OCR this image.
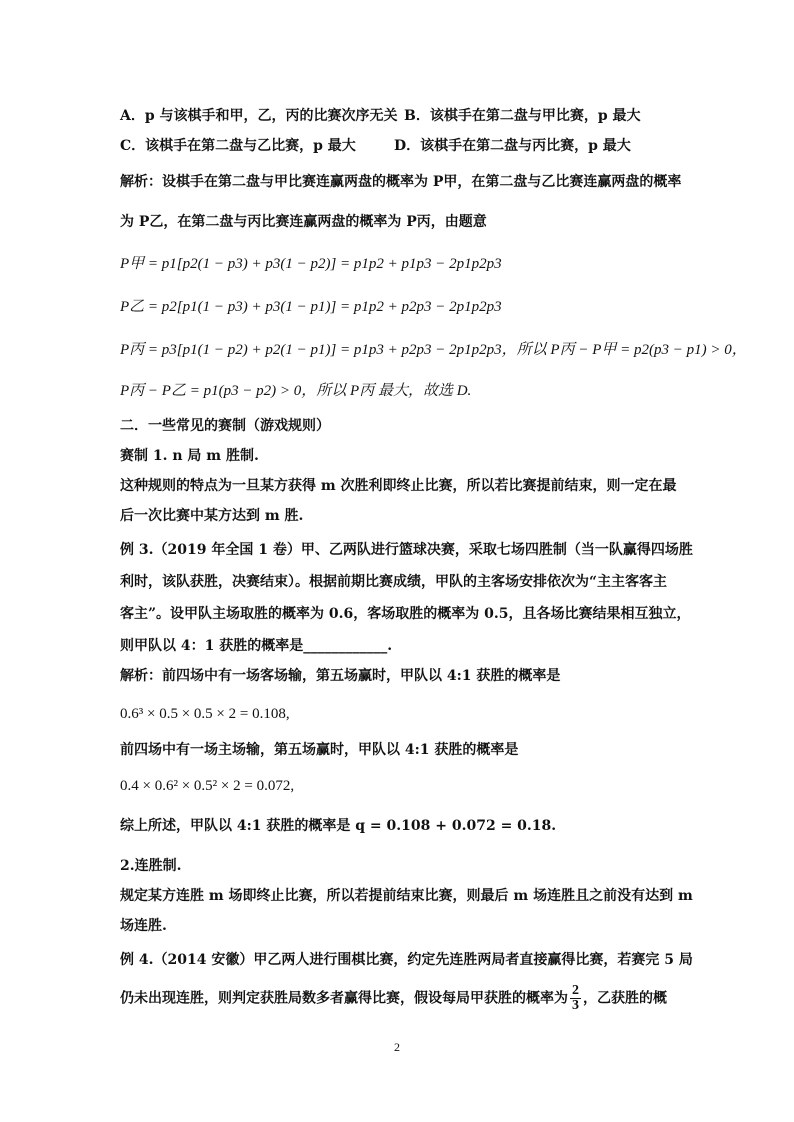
A．p 与该棋手和甲，乙，丙的比赛次序无关 B．该棋手在第二盘与甲比赛，p 最大
C．该棋手在第二盘与乙比赛，p 最大	D．该棋手在第二盘与丙比赛，p 最大
解析：设棋手在第二盘与甲比赛连赢两盘的概率为 P甲，在第二盘与乙比赛连赢两盘的概率
为 P乙，在第二盘与丙比赛连赢两盘的概率为 P丙，由题意
P甲 = p1[p2(1 − p3) + p3(1 − p2)] = p1p2 + p1p3 − 2p1p2p3
P乙 = p2[p1(1 − p3) + p3(1 − p1)] = p1p2 + p2p3 − 2p1p2p3
P丙 = p3[p1(1 − p2) + p2(1 − p1)] = p1p3 + p2p3 − 2p1p2p3，所以 P丙 − P甲 = p2(p3 − p1) > 0，
P丙 − P乙 = p1(p3 − p2) > 0，所以 P丙 最大，故选 D.
二．一些常见的赛制（游戏规则）
赛制 1. n 局 m 胜制.
这种规则的特点为一旦某方获得 m 次胜利即终止比赛，所以若比赛提前结束，则一定在最
后一次比赛中某方达到 m 胜.
例 3.（2019 年全国 1 卷）甲、乙两队进行篮球决赛，采取七场四胜制（当一队赢得四场胜
利时，该队获胜，决赛结束）。根据前期比赛成绩，甲队的主客场安排依次为“主主客客主
客主”。设甲队主场取胜的概率为 0.6，客场取胜的概率为 0.5，且各场比赛结果相互独立，
则甲队以 4：1 获胜的概率是____________.
解析：前四场中有一场客场输，第五场赢时，甲队以 4:1 获胜的概率是
0.6³ × 0.5 × 0.5 × 2 = 0.108,
前四场中有一场主场输，第五场赢时，甲队以 4:1 获胜的概率是
0.4 × 0.6² × 0.5² × 2 = 0.072,
综上所述，甲队以 4:1 获胜的概率是 q = 0.108 + 0.072 = 0.18.
2.连胜制.
规定某方连胜 m 场即终止比赛，所以若提前结束比赛，则最后 m 场连胜且之前没有达到 m
场连胜.
例 4.（2014 安徽）甲乙两人进行围棋比赛，约定先连胜两局者直接赢得比赛，若赛完 5 局
仍未出现连胜，则判定获胜局数多者赢得比赛，假设每局甲获胜的概率为 $\frac{2}{3}$ ，乙获胜的概
2
